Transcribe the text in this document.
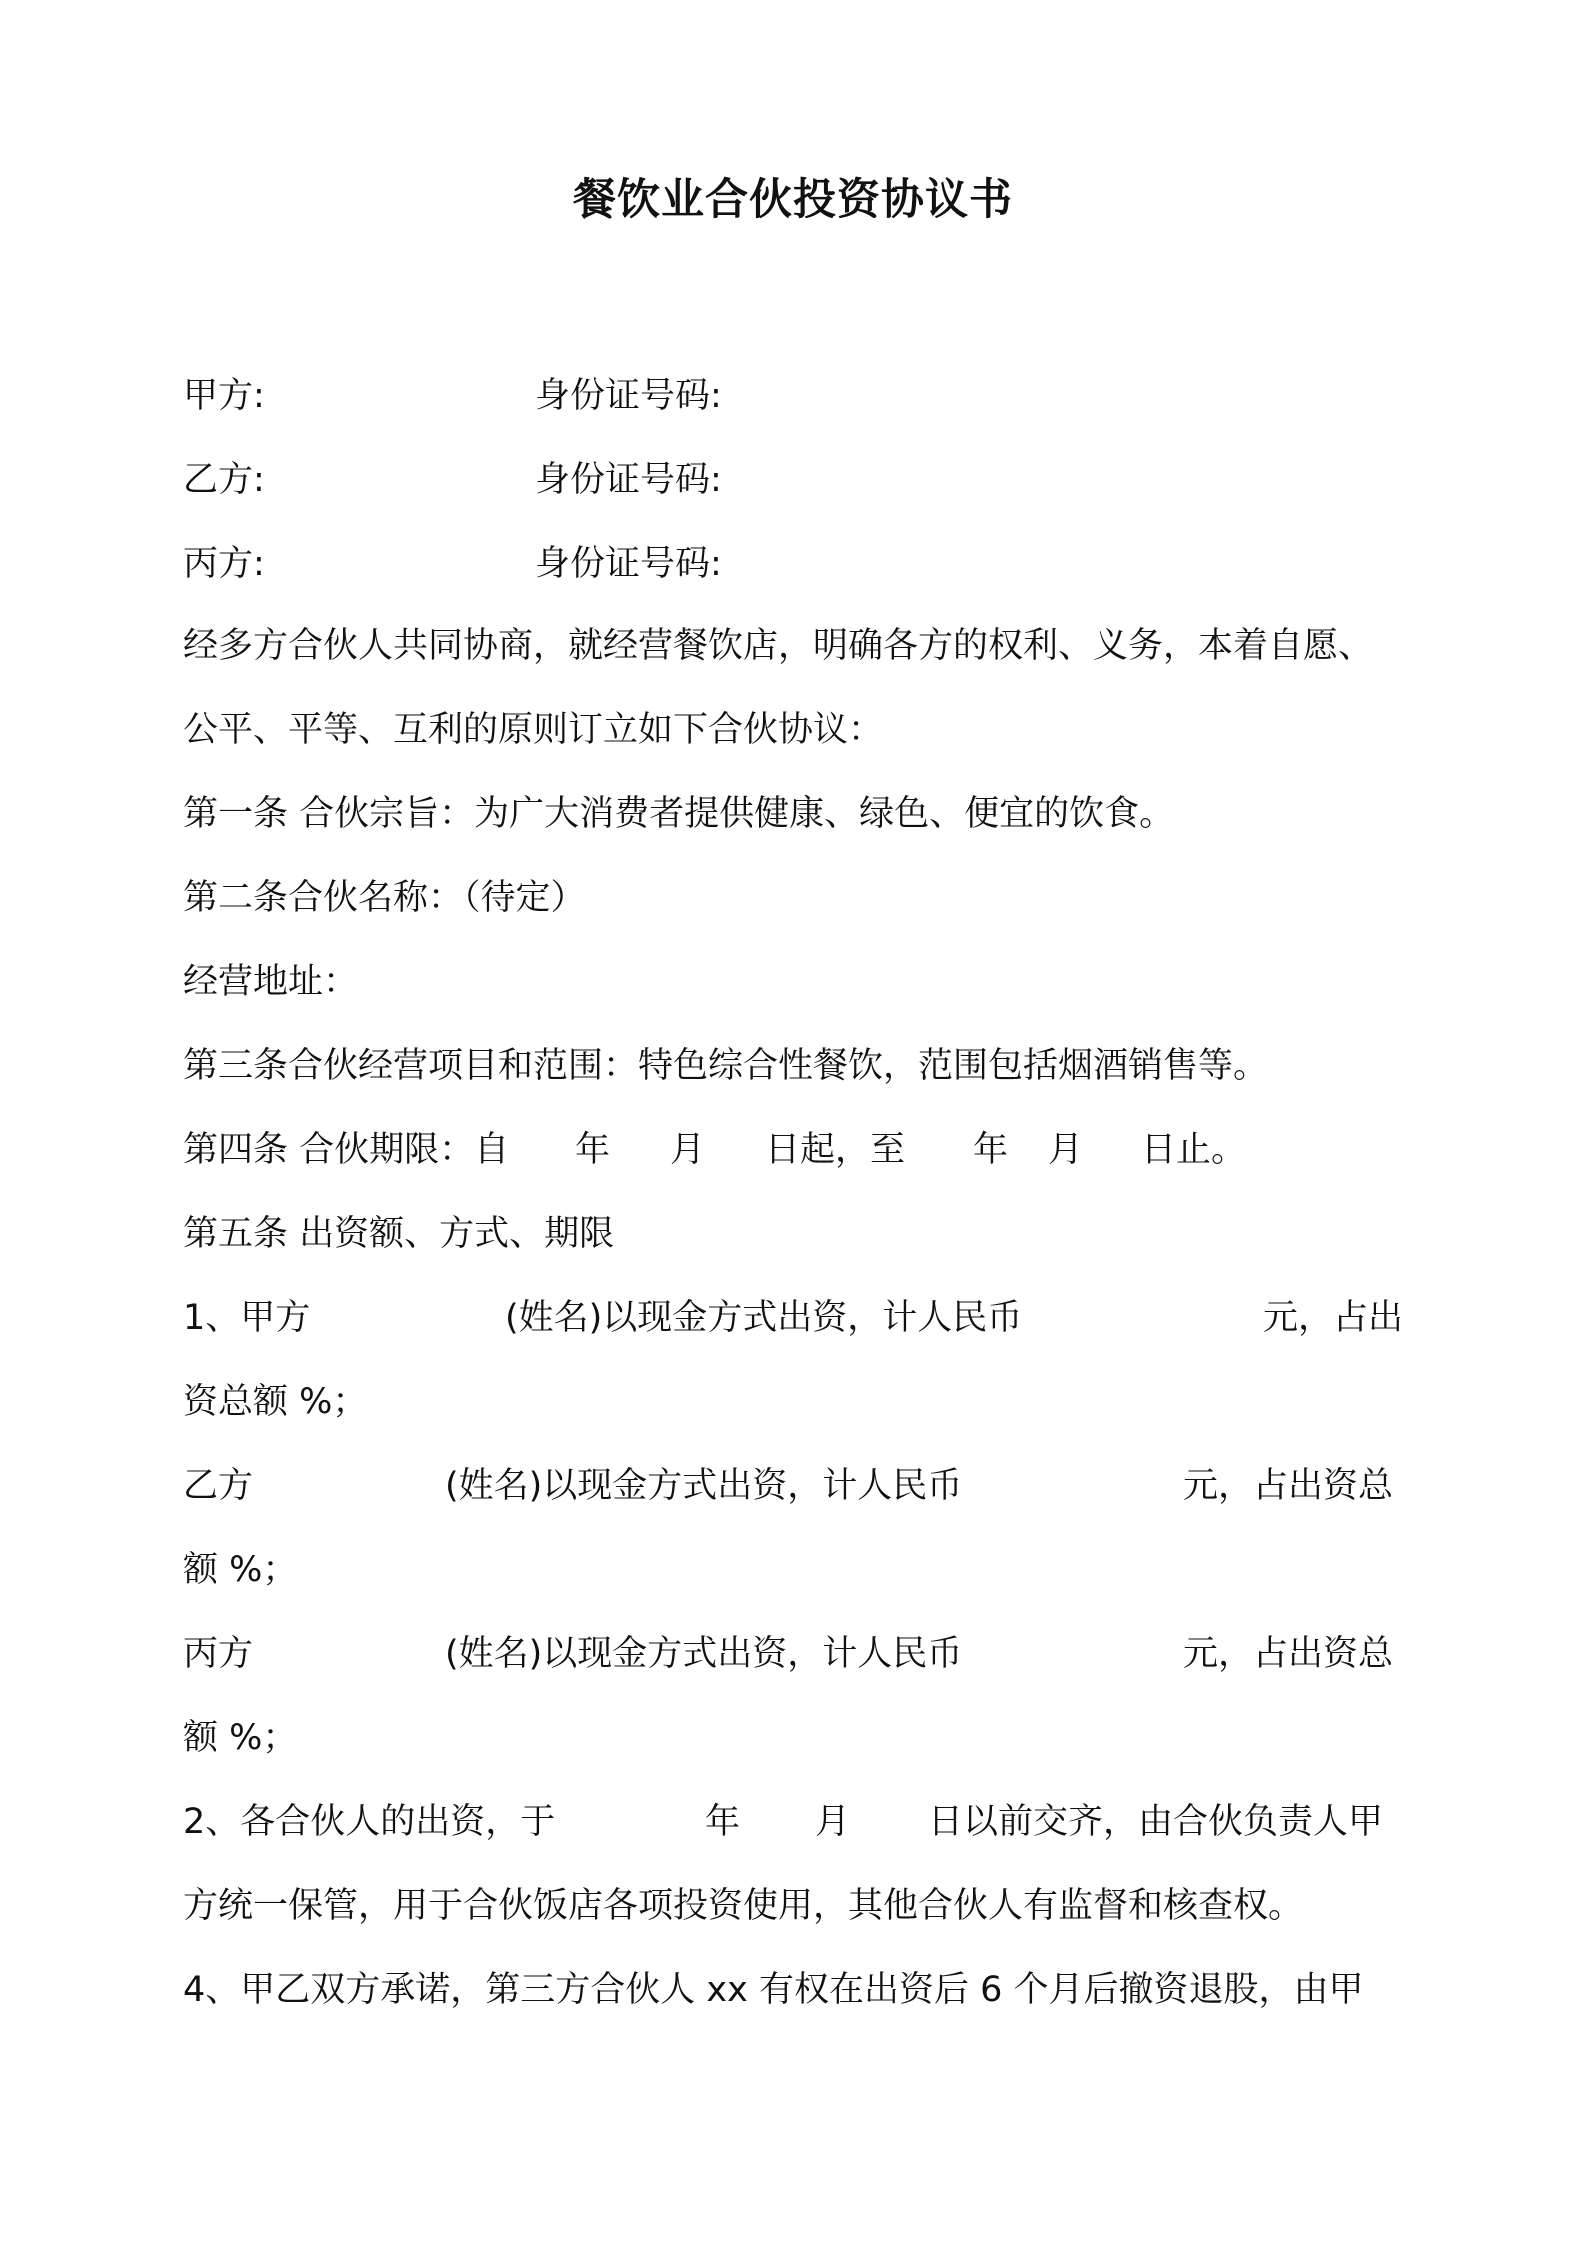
餐饮业合伙投资协议书
甲方:	身份证号码:
乙方:	身份证号码:
丙方:	身份证号码:
经多方合伙人共同协商，就经营餐饮店，明确各方的权利、义务，本着自愿、
公平、平等、互利的原则订立如下合伙协议：
第一条 合伙宗旨：为广大消费者提供健康、绿色、便宜的饮食。
第二条合伙名称：（待定）
经营地址：
第三条合伙经营项目和范围：特色综合性餐饮，范围包括烟酒销售等。
第四条 合伙期限：自 年 月 日起，至 年 月 日止。
第五条 出资额、方式、期限
1、甲方	(姓名)以现金方式出资，计人民币	元，占出
资总额 %；
乙方	(姓名)以现金方式出资，计人民币	元，占出资总
额 %；
丙方	(姓名)以现金方式出资，计人民币	元，占出资总
额 %；
2、各合伙人的出资，于	年 月 日以前交齐，由合伙负责人甲
方统一保管，用于合伙饭店各项投资使用，其他合伙人有监督和核查权。
4、甲乙双方承诺，第三方合伙人 xx 有权在出资后 6 个月后撤资退股，由甲
